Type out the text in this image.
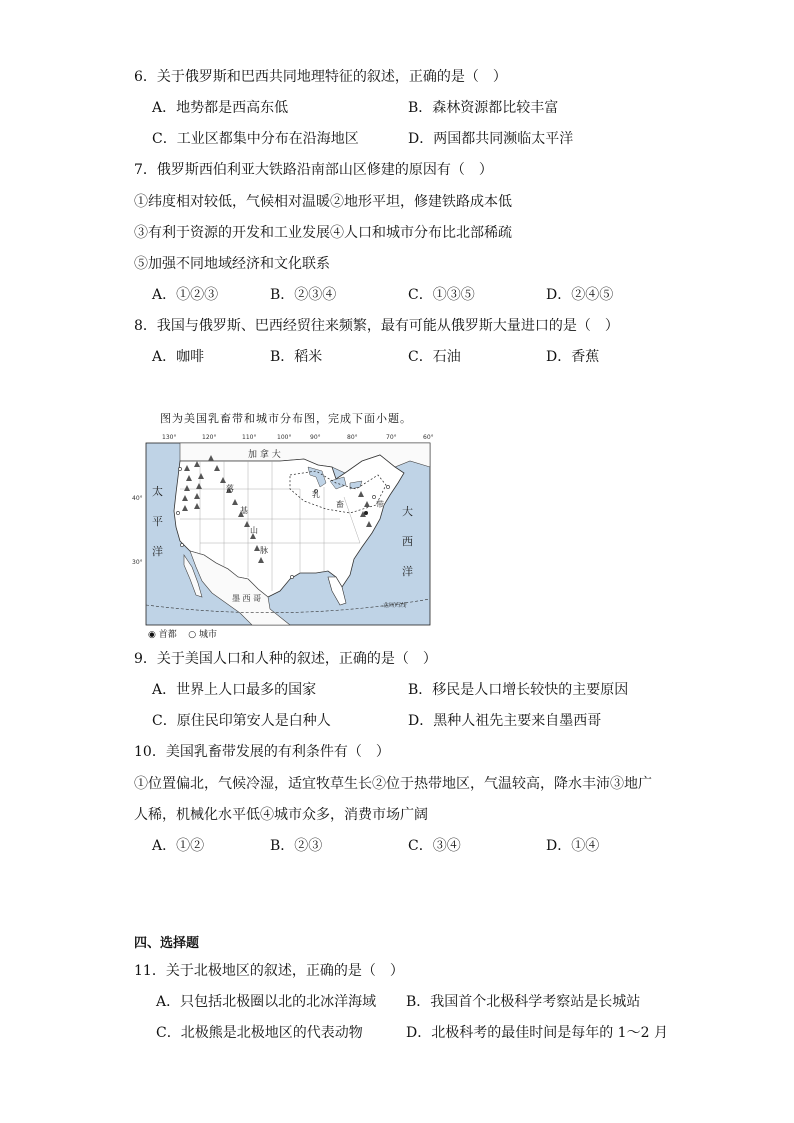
6．关于俄罗斯和巴西共同地理特征的叙述，正确的是（　）
A．地势都是西高东低	B．森林资源都比较丰富
C．工业区都集中分布在沿海地区	D．两国都共同濒临太平洋
7．俄罗斯西伯利亚大铁路沿南部山区修建的原因有（　）
①纬度相对较低，气候相对温暖②地形平坦，修建铁路成本低
③有利于资源的开发和工业发展④人口和城市分布比北部稀疏
⑤加强不同地域经济和文化联系
A．①②③	B．②③④	C．①③⑤	D．②④⑤
8．我国与俄罗斯、巴西经贸往来频繁，最有可能从俄罗斯大量进口的是（　）
A．咖啡	B．稻米	C．石油	D．香蕉
图为美国乳畜带和城市分布图，完成下面小题。
130°	120°	110°	100°	90°	80°	70°	60°
40°
30°
加 拿 大
太
平
洋
大
西
洋
落
基
山
脉
乳
畜	带
墨 西 哥
北回归线
◉ 首都 ○ 城市
9．关于美国人口和人种的叙述，正确的是（　）
A．世界上人口最多的国家	B．移民是人口增长较快的主要原因
C．原住民印第安人是白种人	D．黑种人祖先主要来自墨西哥
10．美国乳畜带发展的有利条件有（　）
①位置偏北，气候冷湿，适宜牧草生长②位于热带地区，气温较高，降水丰沛③地广
人稀，机械化水平低④城市众多，消费市场广阔
A．①②	B．②③	C．③④	D．①④
四、选择题
11．关于北极地区的叙述，正确的是（　）
A．只包括北极圈以北的北冰洋海域 B．我国首个北极科学考察站是长城站
C．北极熊是北极地区的代表动物	D．北极科考的最佳时间是每年的 1～2 月
